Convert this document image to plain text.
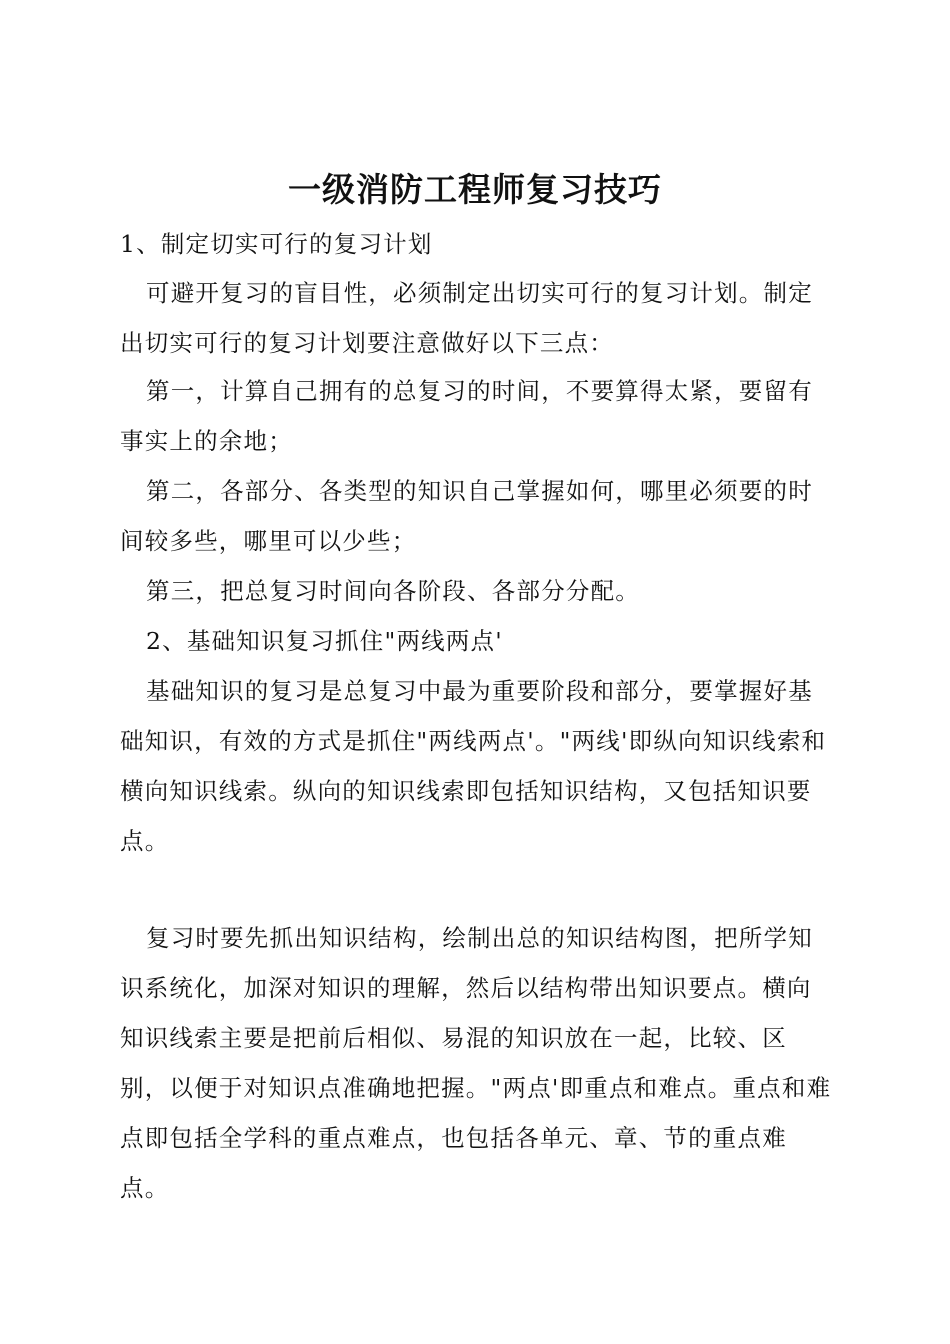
一级消防工程师复习技巧

1、制定切实可行的复习计划

可避开复习的盲目性，必须制定出切实可行的复习计划。制定出切实可行的复习计划要注意做好以下三点：

第一，计算自己拥有的总复习的时间，不要算得太紧，要留有事实上的余地；

第二，各部分、各类型的知识自己掌握如何，哪里必须要的时间较多些，哪里可以少些；

第三，把总复习时间向各阶段、各部分分配。

2、基础知识复习抓住"两线两点'

基础知识的复习是总复习中最为重要阶段和部分，要掌握好基础知识，有效的方式是抓住"两线两点'。"两线'即纵向知识线索和横向知识线索。纵向的知识线索即包括知识结构，又包括知识要点。

复习时要先抓出知识结构，绘制出总的知识结构图，把所学知识系统化，加深对知识的理解，然后以结构带出知识要点。横向知识线索主要是把前后相似、易混的知识放在一起，比较、区别，以便于对知识点准确地把握。"两点'即重点和难点。重点和难点即包括全学科的重点难点，也包括各单元、章、节的重点难点。
